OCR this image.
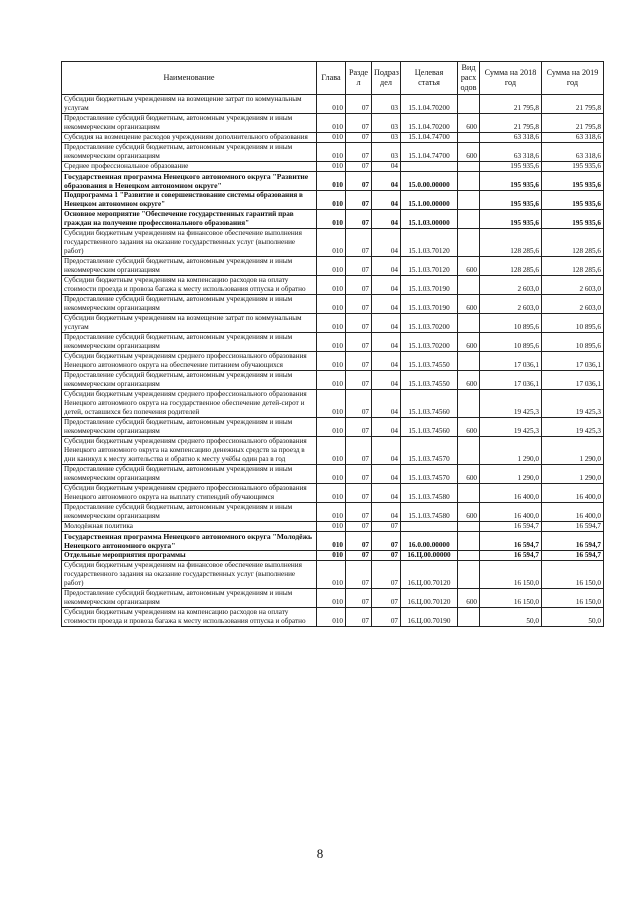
Наименование	Глава	Разде л	Подраз дел	Целевая статья	Вид расх одов	Сумма на 2018 год	Сумма на 2019 год
Субсидии бюджетным учреждениям на возмещение затрат по коммунальным услугам	010	07	03	15.1.04.70200		21 795,8	21 795,8
Предоставление субсидий бюджетным, автономным учреждениям и иным некоммерческим организациям	010	07	03	15.1.04.70200	600	21 795,8	21 795,8
Субсидия на возмещение расходов учреждениям дополнительного образования	010	07	03	15.1.04.74700		63 318,6	63 318,6
Предоставление субсидий бюджетным, автономным учреждениям и иным некоммерческим организациям	010	07	03	15.1.04.74700	600	63 318,6	63 318,6
Среднее профессиональное образование	010	07	04			195 935,6	195 935,6
Государственная программа Ненецкого автономного округа "Развитие образования в Ненецком автономном округе"	010	07	04	15.0.00.00000		195 935,6	195 935,6
Подпрограмма 1 "Развитие и совершенствование системы образования в Ненецком автономном округе"	010	07	04	15.1.00.00000		195 935,6	195 935,6
Основное мероприятие "Обеспечение государственных гарантий прав граждан на получение профессионального образования"	010	07	04	15.1.03.00000		195 935,6	195 935,6
Субсидии бюджетным учреждениям на финансовое обеспечение выполнения государственного задания на оказание государственных услуг (выполнение работ)	010	07	04	15.1.03.70120		128 285,6	128 285,6
Предоставление субсидий бюджетным, автономным учреждениям и иным некоммерческим организациям	010	07	04	15.1.03.70120	600	128 285,6	128 285,6
Субсидии бюджетным учреждениям на компенсацию расходов на оплату стоимости проезда и провоза багажа к месту использования отпуска и обратно	010	07	04	15.1.03.70190		2 603,0	2 603,0
Предоставление субсидий бюджетным, автономным учреждениям и иным некоммерческим организациям	010	07	04	15.1.03.70190	600	2 603,0	2 603,0
Субсидии бюджетным учреждениям на возмещение затрат по коммунальным услугам	010	07	04	15.1.03.70200		10 895,6	10 895,6
Предоставление субсидий бюджетным, автономным учреждениям и иным некоммерческим организациям	010	07	04	15.1.03.70200	600	10 895,6	10 895,6
Субсидии бюджетным учреждениям среднего профессионального образования Ненецкого автономного округа на обеспечение питанием обучающихся	010	07	04	15.1.03.74550		17 036,1	17 036,1
Предоставление субсидий бюджетным, автономным учреждениям и иным некоммерческим организациям	010	07	04	15.1.03.74550	600	17 036,1	17 036,1
Субсидии бюджетным учреждениям среднего профессионального образования Ненецкого автономного округа на государственное обеспечение детей-сирот и детей, оставшихся без попечения родителей	010	07	04	15.1.03.74560		19 425,3	19 425,3
Предоставление субсидий бюджетным, автономным учреждениям и иным некоммерческим организациям	010	07	04	15.1.03.74560	600	19 425,3	19 425,3
Субсидии бюджетным учреждениям среднего профессионального образования Ненецкого автономного округа на компенсацию денежных средств за проезд в дни каникул к месту жительства и обратно к месту учёбы один раз в год	010	07	04	15.1.03.74570		1 290,0	1 290,0
Предоставление субсидий бюджетным, автономным учреждениям и иным некоммерческим организациям	010	07	04	15.1.03.74570	600	1 290,0	1 290,0
Субсидии бюджетным учреждениям среднего профессионального образования Ненецкого автономного округа на выплату стипендий обучающимся	010	07	04	15.1.03.74580		16 400,0	16 400,0
Предоставление субсидий бюджетным, автономным учреждениям и иным некоммерческим организациям	010	07	04	15.1.03.74580	600	16 400,0	16 400,0
Молодёжная политика	010	07	07			16 594,7	16 594,7
Государственная программа Ненецкого автономного округа "Молодёжь Ненецкого автономного округа"	010	07	07	16.0.00.00000		16 594,7	16 594,7
Отдельные мероприятия программы	010	07	07	16.Ц.00.00000		16 594,7	16 594,7
Субсидии бюджетным учреждениям на финансовое обеспечение выполнения государственного задания на оказание государственных услуг (выполнение работ)	010	07	07	16.Ц.00.70120		16 150,0	16 150,0
Предоставление субсидий бюджетным, автономным учреждениям и иным некоммерческим организациям	010	07	07	16.Ц.00.70120	600	16 150,0	16 150,0
Субсидии бюджетным учреждениям на компенсацию расходов на оплату стоимости проезда и провоза багажа к месту использования отпуска и обратно	010	07	07	16.Ц.00.70190		50,0	50,0
8
